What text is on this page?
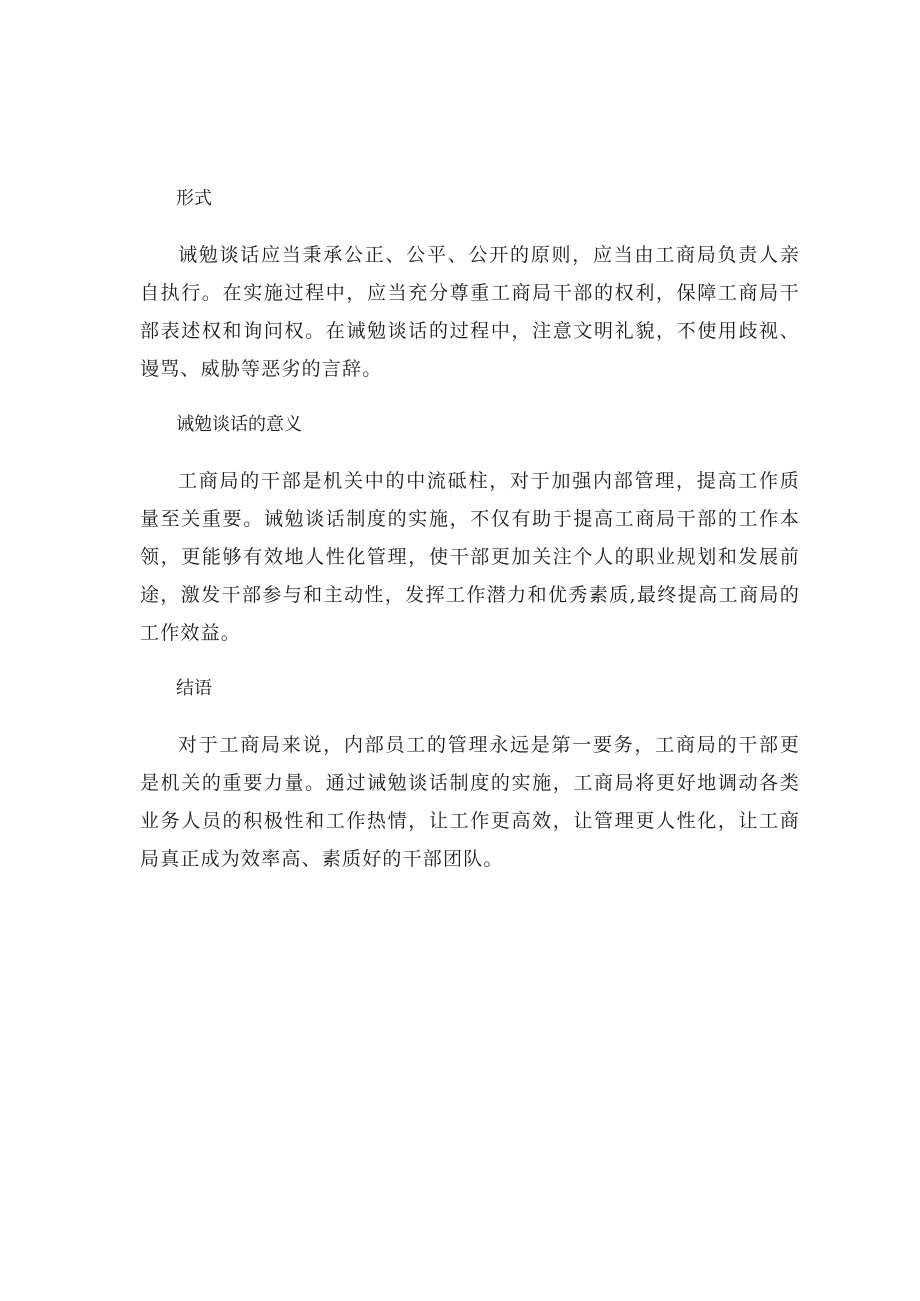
形式

诫勉谈话应当秉承公正、公平、公开的原则，应当由工商局负责人亲自执行。在实施过程中，应当充分尊重工商局干部的权利，保障工商局干部表述权和询问权。在诫勉谈话的过程中，注意文明礼貌，不使用歧视、谩骂、威胁等恶劣的言辞。

诫勉谈话的意义

工商局的干部是机关中的中流砥柱，对于加强内部管理，提高工作质量至关重要。诫勉谈话制度的实施，不仅有助于提高工商局干部的工作本领，更能够有效地人性化管理，使干部更加关注个人的职业规划和发展前途，激发干部参与和主动性，发挥工作潜力和优秀素质,最终提高工商局的工作效益。

结语

对于工商局来说，内部员工的管理永远是第一要务，工商局的干部更是机关的重要力量。通过诫勉谈话制度的实施，工商局将更好地调动各类业务人员的积极性和工作热情，让工作更高效，让管理更人性化，让工商局真正成为效率高、素质好的干部团队。
